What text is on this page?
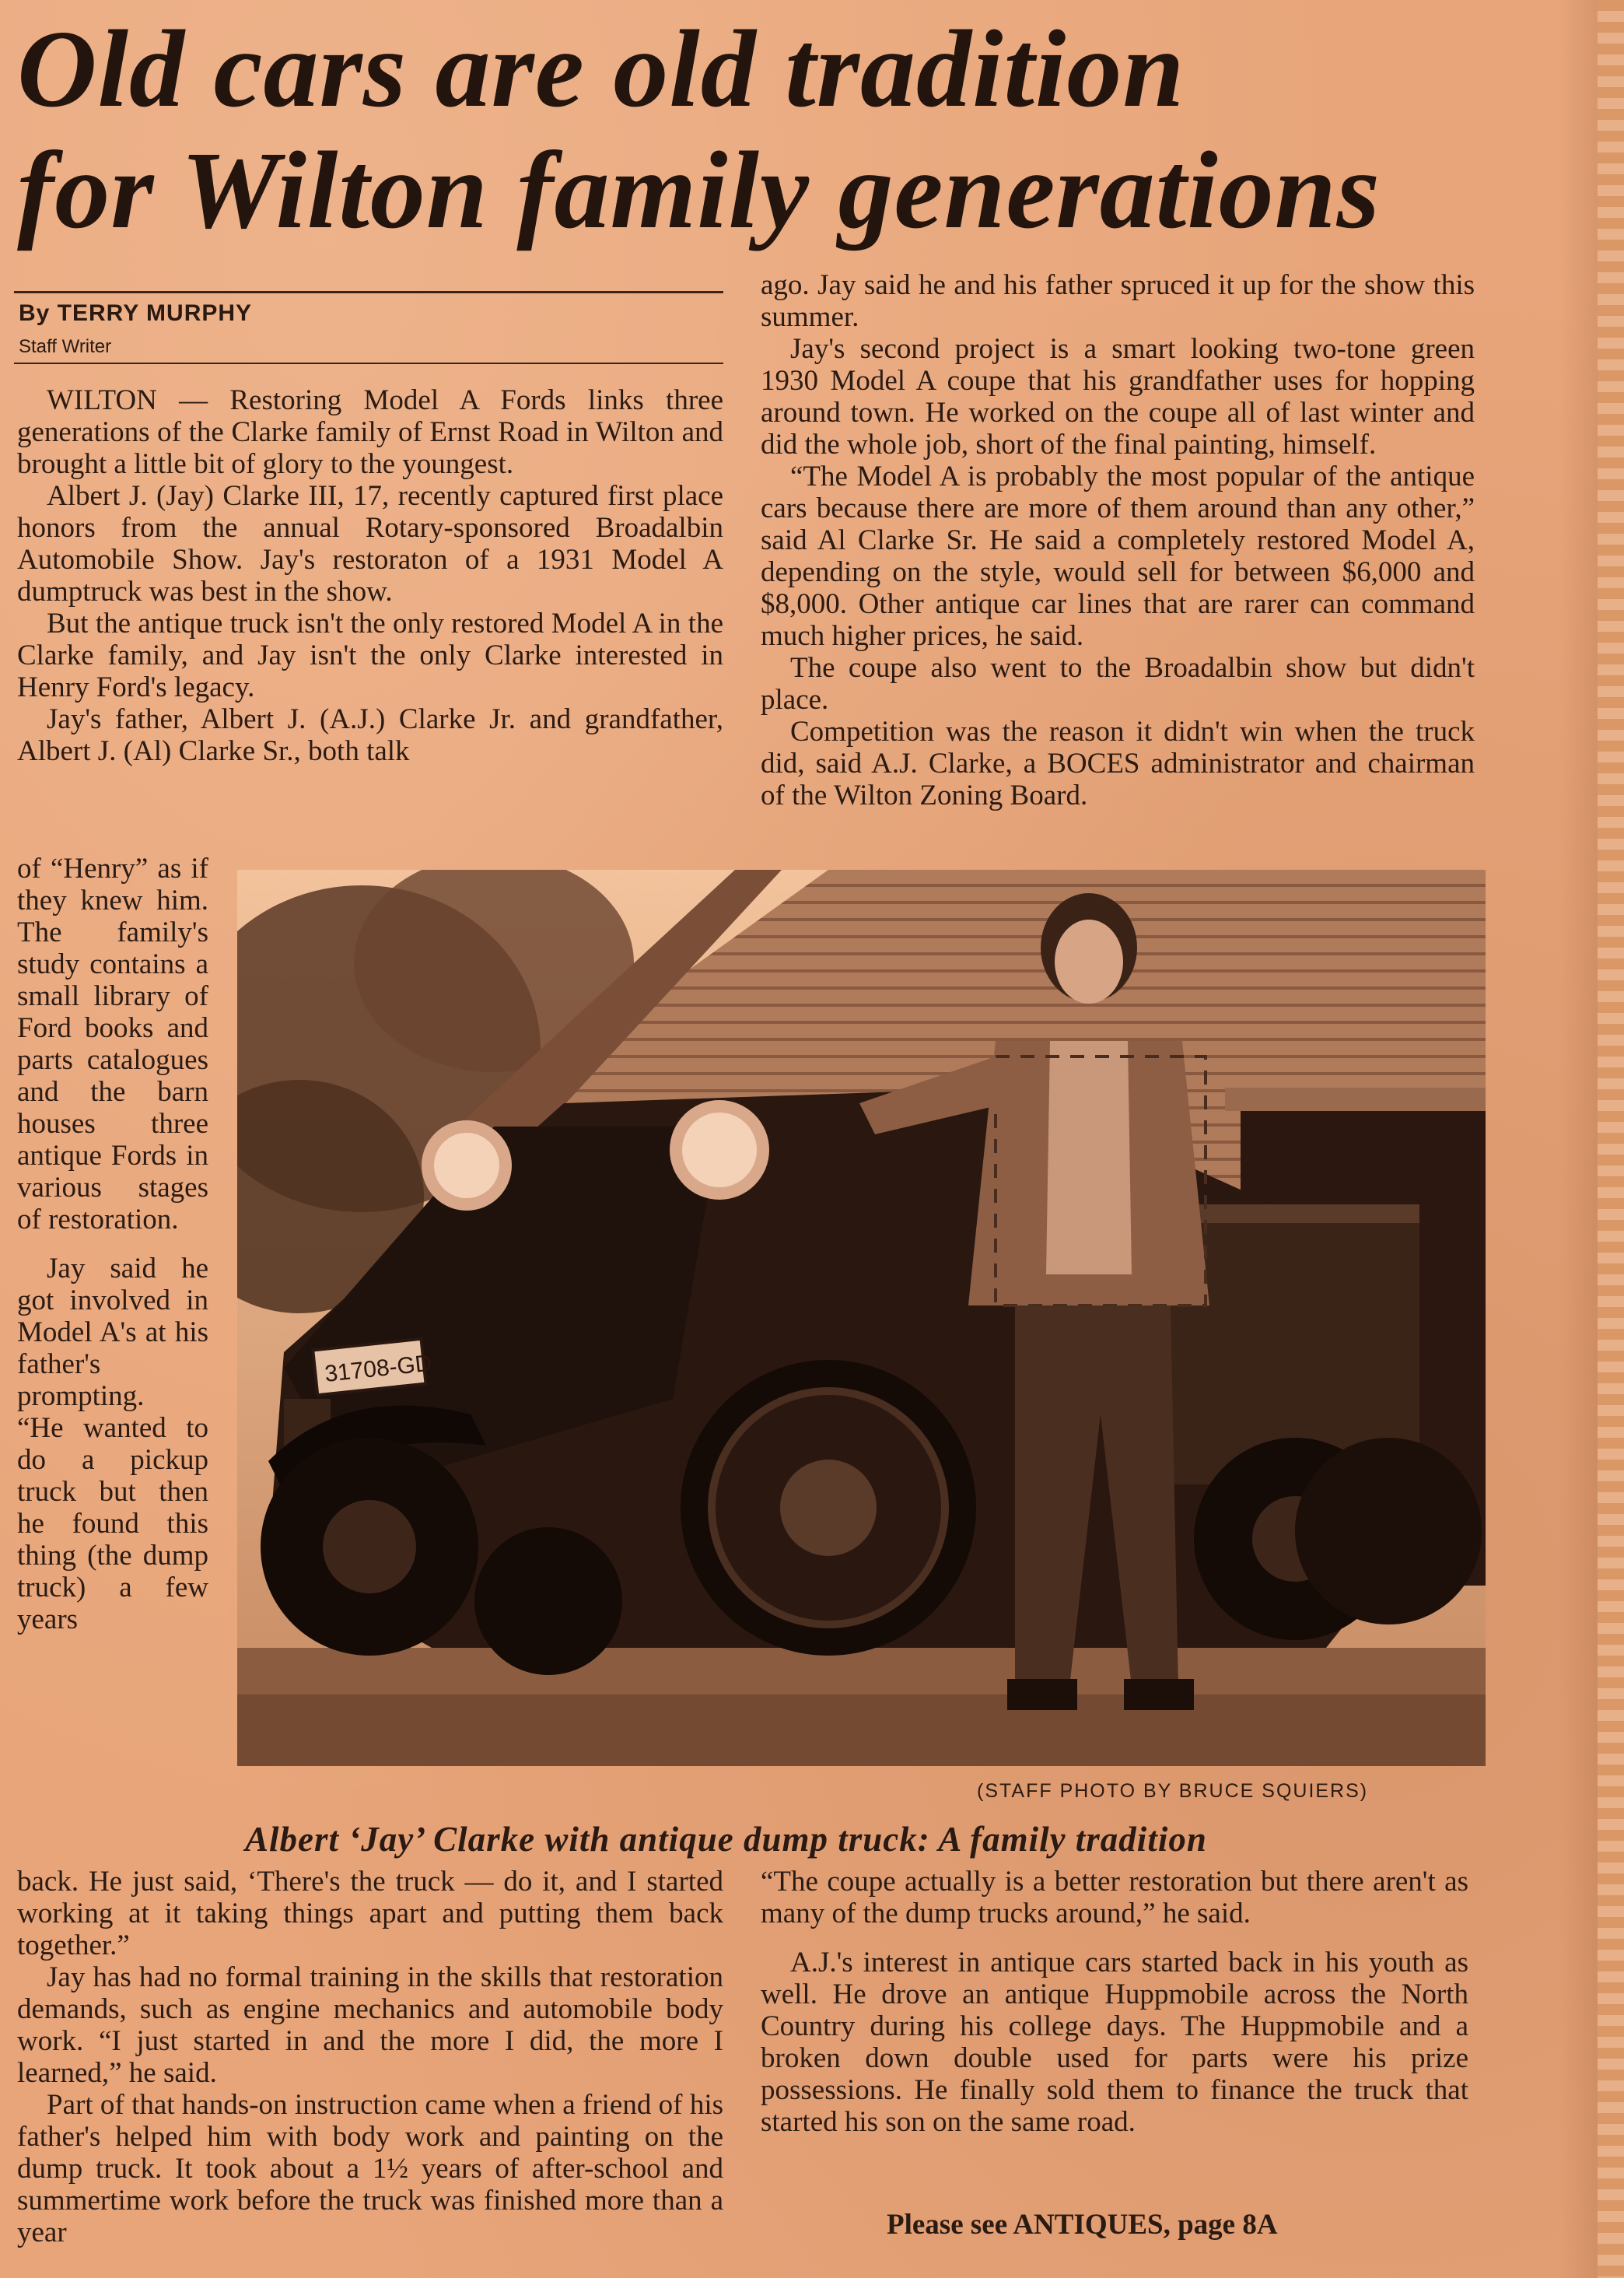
Old cars are old tradition
for Wilton family generations
By TERRY MURPHY
Staff Writer

WILTON — Restoring Model A Fords links three generations of the Clarke family of Ernst Road in Wilton and brought a little bit of glory to the youngest.

Albert J. (Jay) Clarke III, 17, recently captured first place honors from the annual Rotary-sponsored Broadalbin Automobile Show. Jay's restoraton of a 1931 Model A dumptruck was best in the show.

But the antique truck isn't the only restored Model A in the Clarke family, and Jay isn't the only Clarke interested in Henry Ford's legacy.

Jay's father, Albert J. (A.J.) Clarke Jr. and grandfather, Albert J. (Al) Clarke Sr., both talk

of “Henry” as if they knew him. The family's study contains a small library of Ford books and parts catalogues and the barn houses three antique Fords in various stages of restoration.

Jay said he got involved in Model A's at his father's prompting.

“He wanted to do a pickup truck but then he found this thing (the dump truck) a few years

ago. Jay said he and his father spruced it up for the show this summer.

Jay's second project is a smart looking two-tone green 1930 Model A coupe that his grandfather uses for hopping around town. He worked on the coupe all of last winter and did the whole job, short of the final painting, himself.

“The Model A is probably the most popular of the antique cars because there are more of them around than any other,” said Al Clarke Sr. He said a completely restored Model A, depending on the style, would sell for between $6,000 and $8,000. Other antique car lines that are rarer can command much higher prices, he said.

The coupe also went to the Broadalbin show but didn't place.

Competition was the reason it didn't win when the truck did, said A.J. Clarke, a BOCES administrator and chairman of the Wilton Zoning Board.

31708-GD
(STAFF PHOTO BY BRUCE SQUIERS)
Albert ‘Jay’ Clarke with antique dump truck: A family tradition

back. He just said, ‘There's the truck — do it, and I started working at it taking things apart and putting them back together.”

Jay has had no formal training in the skills that restoration demands, such as engine mechanics and automobile body work. “I just started in and the more I did, the more I learned,” he said.

Part of that hands-on instruction came when a friend of his father's helped him with body work and painting on the dump truck. It took about a 1½ years of after-school and summertime work before the truck was finished more than a year

“The coupe actually is a better restoration but there aren't as many of the dump trucks around,” he said.

A.J.'s interest in antique cars started back in his youth as well. He drove an antique Huppmobile across the North Country during his college days. The Huppmobile and a broken down double used for parts were his prize possessions. He finally sold them to finance the truck that started his son on the same road.

Please see ANTIQUES, page 8A
